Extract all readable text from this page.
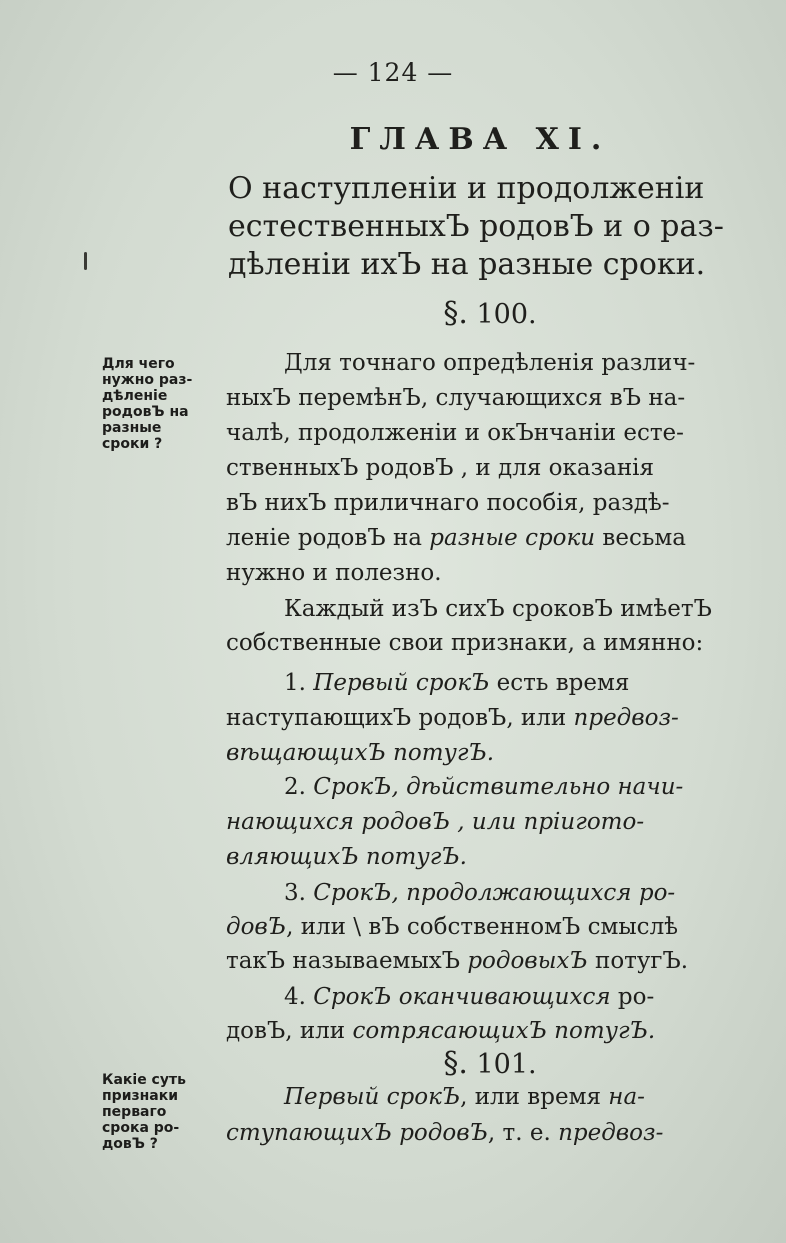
— 124 —
ГЛАВА XI.
О наступленіи и продолженіи
естественныхЪ родовЪ и о раз-
дѣленіи ихЪ на разные сроки.
§. 100.
Для чего
нужно раз-
дѣленіе
родовЪ на
разные
сроки ?
Для точнаго опредѣленія различ-
ныхЪ перемѣнЪ, случающихся вЪ на-
чалѣ, продолженіи и окЪнчаніи есте-
ственныхЪ родовЪ , и для оказанія
вЪ нихЪ приличнаго пособія, раздѣ-
леніе родовЪ на разные сроки весьма
нужно и полезно.
Каждый изЪ сихЪ сроковЪ имѣетЪ
собственные свои признаки, а имянно:
1. Первый срокЪ есть время
наступающихЪ родовЪ, или предвоз-
вѣщающихЪ потугЪ.
2. СрокЪ, дѣйствительно начи-
нающихся родовЪ , или пріигото-
вляющихЪ потугЪ.
3. СрокЪ, продолжающихся ро-
довЪ, или \ вЪ собственномЪ смыслѣ
такЪ называемыхЪ родовыхЪ потугЪ.
4. СрокЪ оканчивающихся ро-
довЪ, или сотрясающихЪ потугЪ.
§. 101.
Какіе суть
признаки
перваго
срока ро-
довЪ ?
Первый срокЪ, или время на-
ступающихЪ родовЪ, т. е. предвоз-
